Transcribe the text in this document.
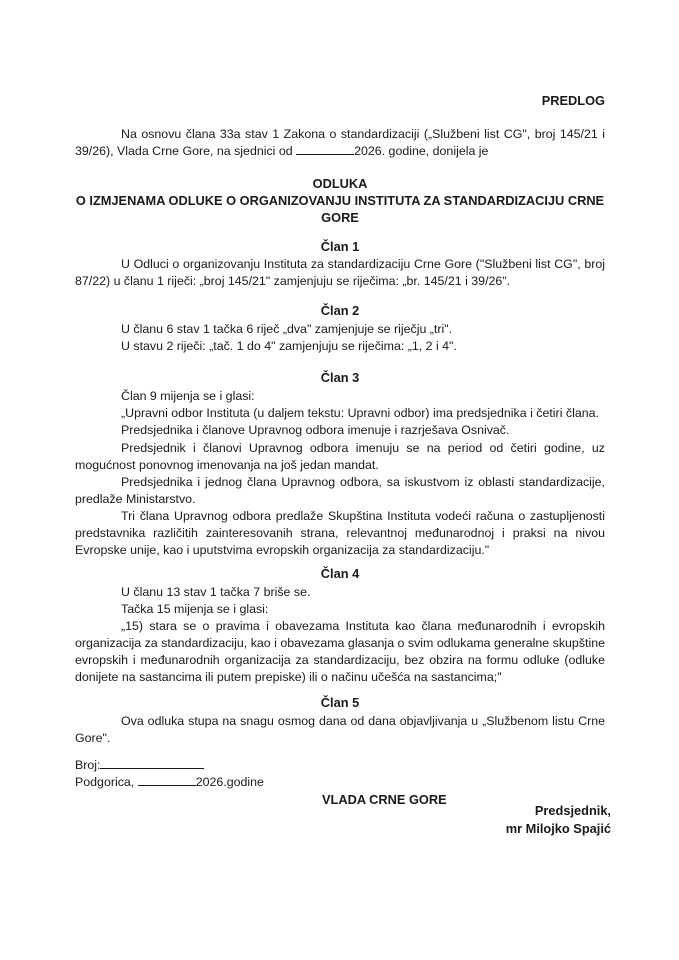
PREDLOG

Na osnovu člana 33a stav 1 Zakona o standardizaciji („Službeni list CG", broj 145/21 i

39/26), Vlada Crne Gore, na sjednici od	2026. godine, donijela je

ODLUKA
O IZMJENAMA ODLUKE O ORGANIZOVANJU INSTITUTA ZA STANDARDIZACIJU CRNE
GORE
Član 1

U Odluci o organizovanju Instituta za standardizaciju Crne Gore ("Službeni list CG", broj

87/22) u članu 1 riječi: „broj 145/21" zamjenjuju se riječima: „br. 145/21 i 39/26".

Član 2

U članu 6 stav 1 tačka 6 riječ „dva" zamjenjuje se riječju „tri".

U stavu 2 riječi: „tač. 1 do 4" zamjenjuju se riječima: „1, 2 i 4".

Član 3

Član 9 mijenja se i glasi:

„Upravni odbor Instituta (u daljem tekstu: Upravni odbor) ima predsjednika i četiri člana.

Predsjednika i članove Upravnog odbora imenuje i razrješava Osnivač.

Predsjednik i članovi Upravnog odbora imenuju se na period od četiri godine, uz

mogućnost ponovnog imenovanja na još jedan mandat.

Predsjednika i jednog člana Upravnog odbora, sa iskustvom iz oblasti standardizacije,

predlaže Ministarstvo.

Tri člana Upravnog odbora predlaže Skupština Instituta vodeći računa o zastupljenosti

predstavnika različitih zainteresovanih strana, relevantnoj međunarodnoj i praksi na nivou

Evropske unije, kao i uputstvima evropskih organizacija za standardizaciju."

Član 4

U članu 13 stav 1 tačka 7 briše se.

Tačka 15 mijenja se i glasi:

„15) stara se o pravima i obavezama Instituta kao člana međunarodnih i evropskih

organizacija za standardizaciju, kao i obavezama glasanja o svim odlukama generalne skupštine

evropskih i međunarodnih organizacija za standardizaciju, bez obzira na formu odluke (odluke

donijete na sastancima ili putem prepiske) ili o načinu učešća na sastancima;"

Član 5

Ova odluka stupa na snagu osmog dana od dana objavljivanja u „Službenom listu Crne

Gore".

Broj:
Podgorica,	2026.godine
VLADA CRNE GORE
Predsjednik,
mr Milojko Spajić
